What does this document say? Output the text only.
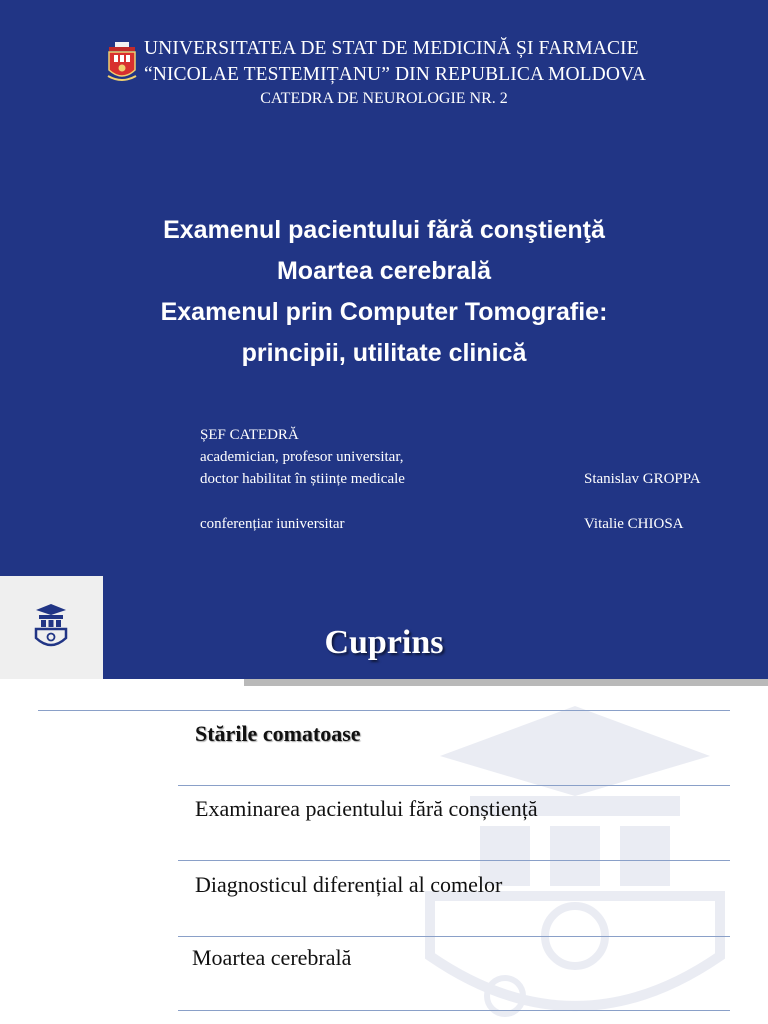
UNIVERSITATEA DE STAT DE MEDICINĂ ȘI FARMACIE
“NICOLAE TESTEMIȚANU” DIN REPUBLICA MOLDOVA
CATEDRA DE NEUROLOGIE NR. 2
Examenul pacientului fără conştienţă
Moartea cerebrală
Examenul prin Computer Tomografie:
principii, utilitate clinică
ȘEF CATEDRĂ
academician, profesor universitar,
doctor habilitat în științe medicale	Stanislav GROPPA
conferențiar iuniversitar	Vitalie CHIOSA
Cuprins
Stările comatoase
Examinarea pacientului fără conștiență
Diagnosticul diferențial al comelor
Moartea cerebrală
